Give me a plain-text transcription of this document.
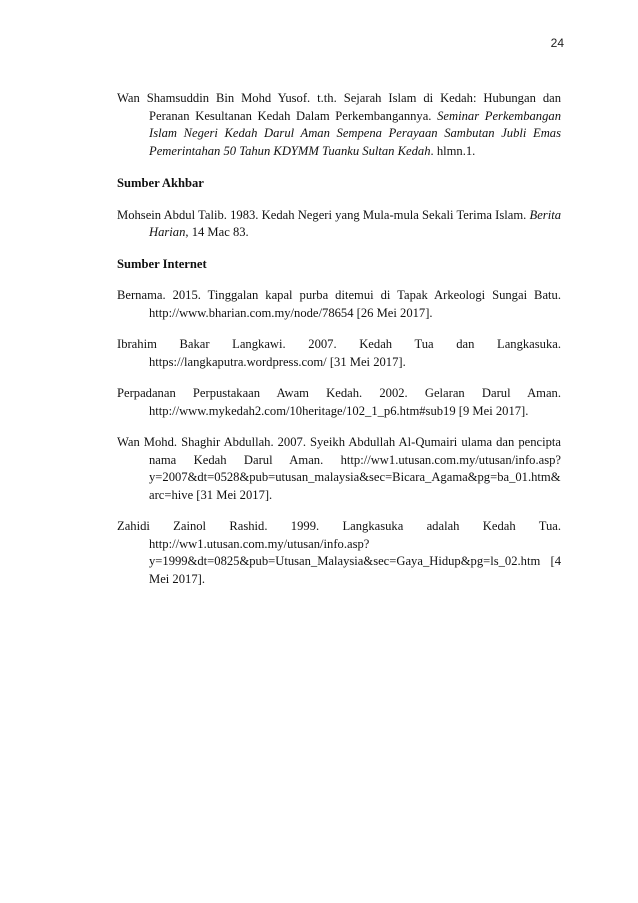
24

Wan Shamsuddin Bin Mohd Yusof. t.th. Sejarah Islam di Kedah: Hubungan dan Peranan Kesultanan Kedah Dalam Perkembangannya. Seminar Perkembangan Islam Negeri Kedah Darul Aman Sempena Perayaan Sambutan Jubli Emas Pemerintahan 50 Tahun KDYMM Tuanku Sultan Kedah. hlmn.1.

Sumber Akhbar

Mohsein Abdul Talib. 1983. Kedah Negeri yang Mula-mula Sekali Terima Islam. Berita Harian, 14 Mac 83.

Sumber Internet

Bernama. 2015. Tinggalan kapal purba ditemui di Tapak Arkeologi Sungai Batu. http://www.bharian.com.my/node/78654 [26 Mei 2017].

Ibrahim Bakar Langkawi. 2007. Kedah Tua dan Langkasuka. https://langkaputra.wordpress.com/ [31 Mei 2017].

Perpadanan Perpustakaan Awam Kedah. 2002. Gelaran Darul Aman. http://www.mykedah2.com/10heritage/102_1_p6.htm#sub19 [9 Mei 2017].

Wan Mohd. Shaghir Abdullah. 2007. Syeikh Abdullah Al-Qumairi ulama dan pencipta nama Kedah Darul Aman. http://ww1.utusan.com.my/utusan/info.asp?y=2007&dt=0528&pub=utusan_malaysia&sec=Bicara_Agama&pg=ba_01.htm&arc=hive [31 Mei 2017].

Zahidi Zainol Rashid. 1999. Langkasuka adalah Kedah Tua. http://ww1.utusan.com.my/utusan/info.asp?y=1999&dt=0825&pub=Utusan_Malaysia&sec=Gaya_Hidup&pg=ls_02.htm [4 Mei 2017].
